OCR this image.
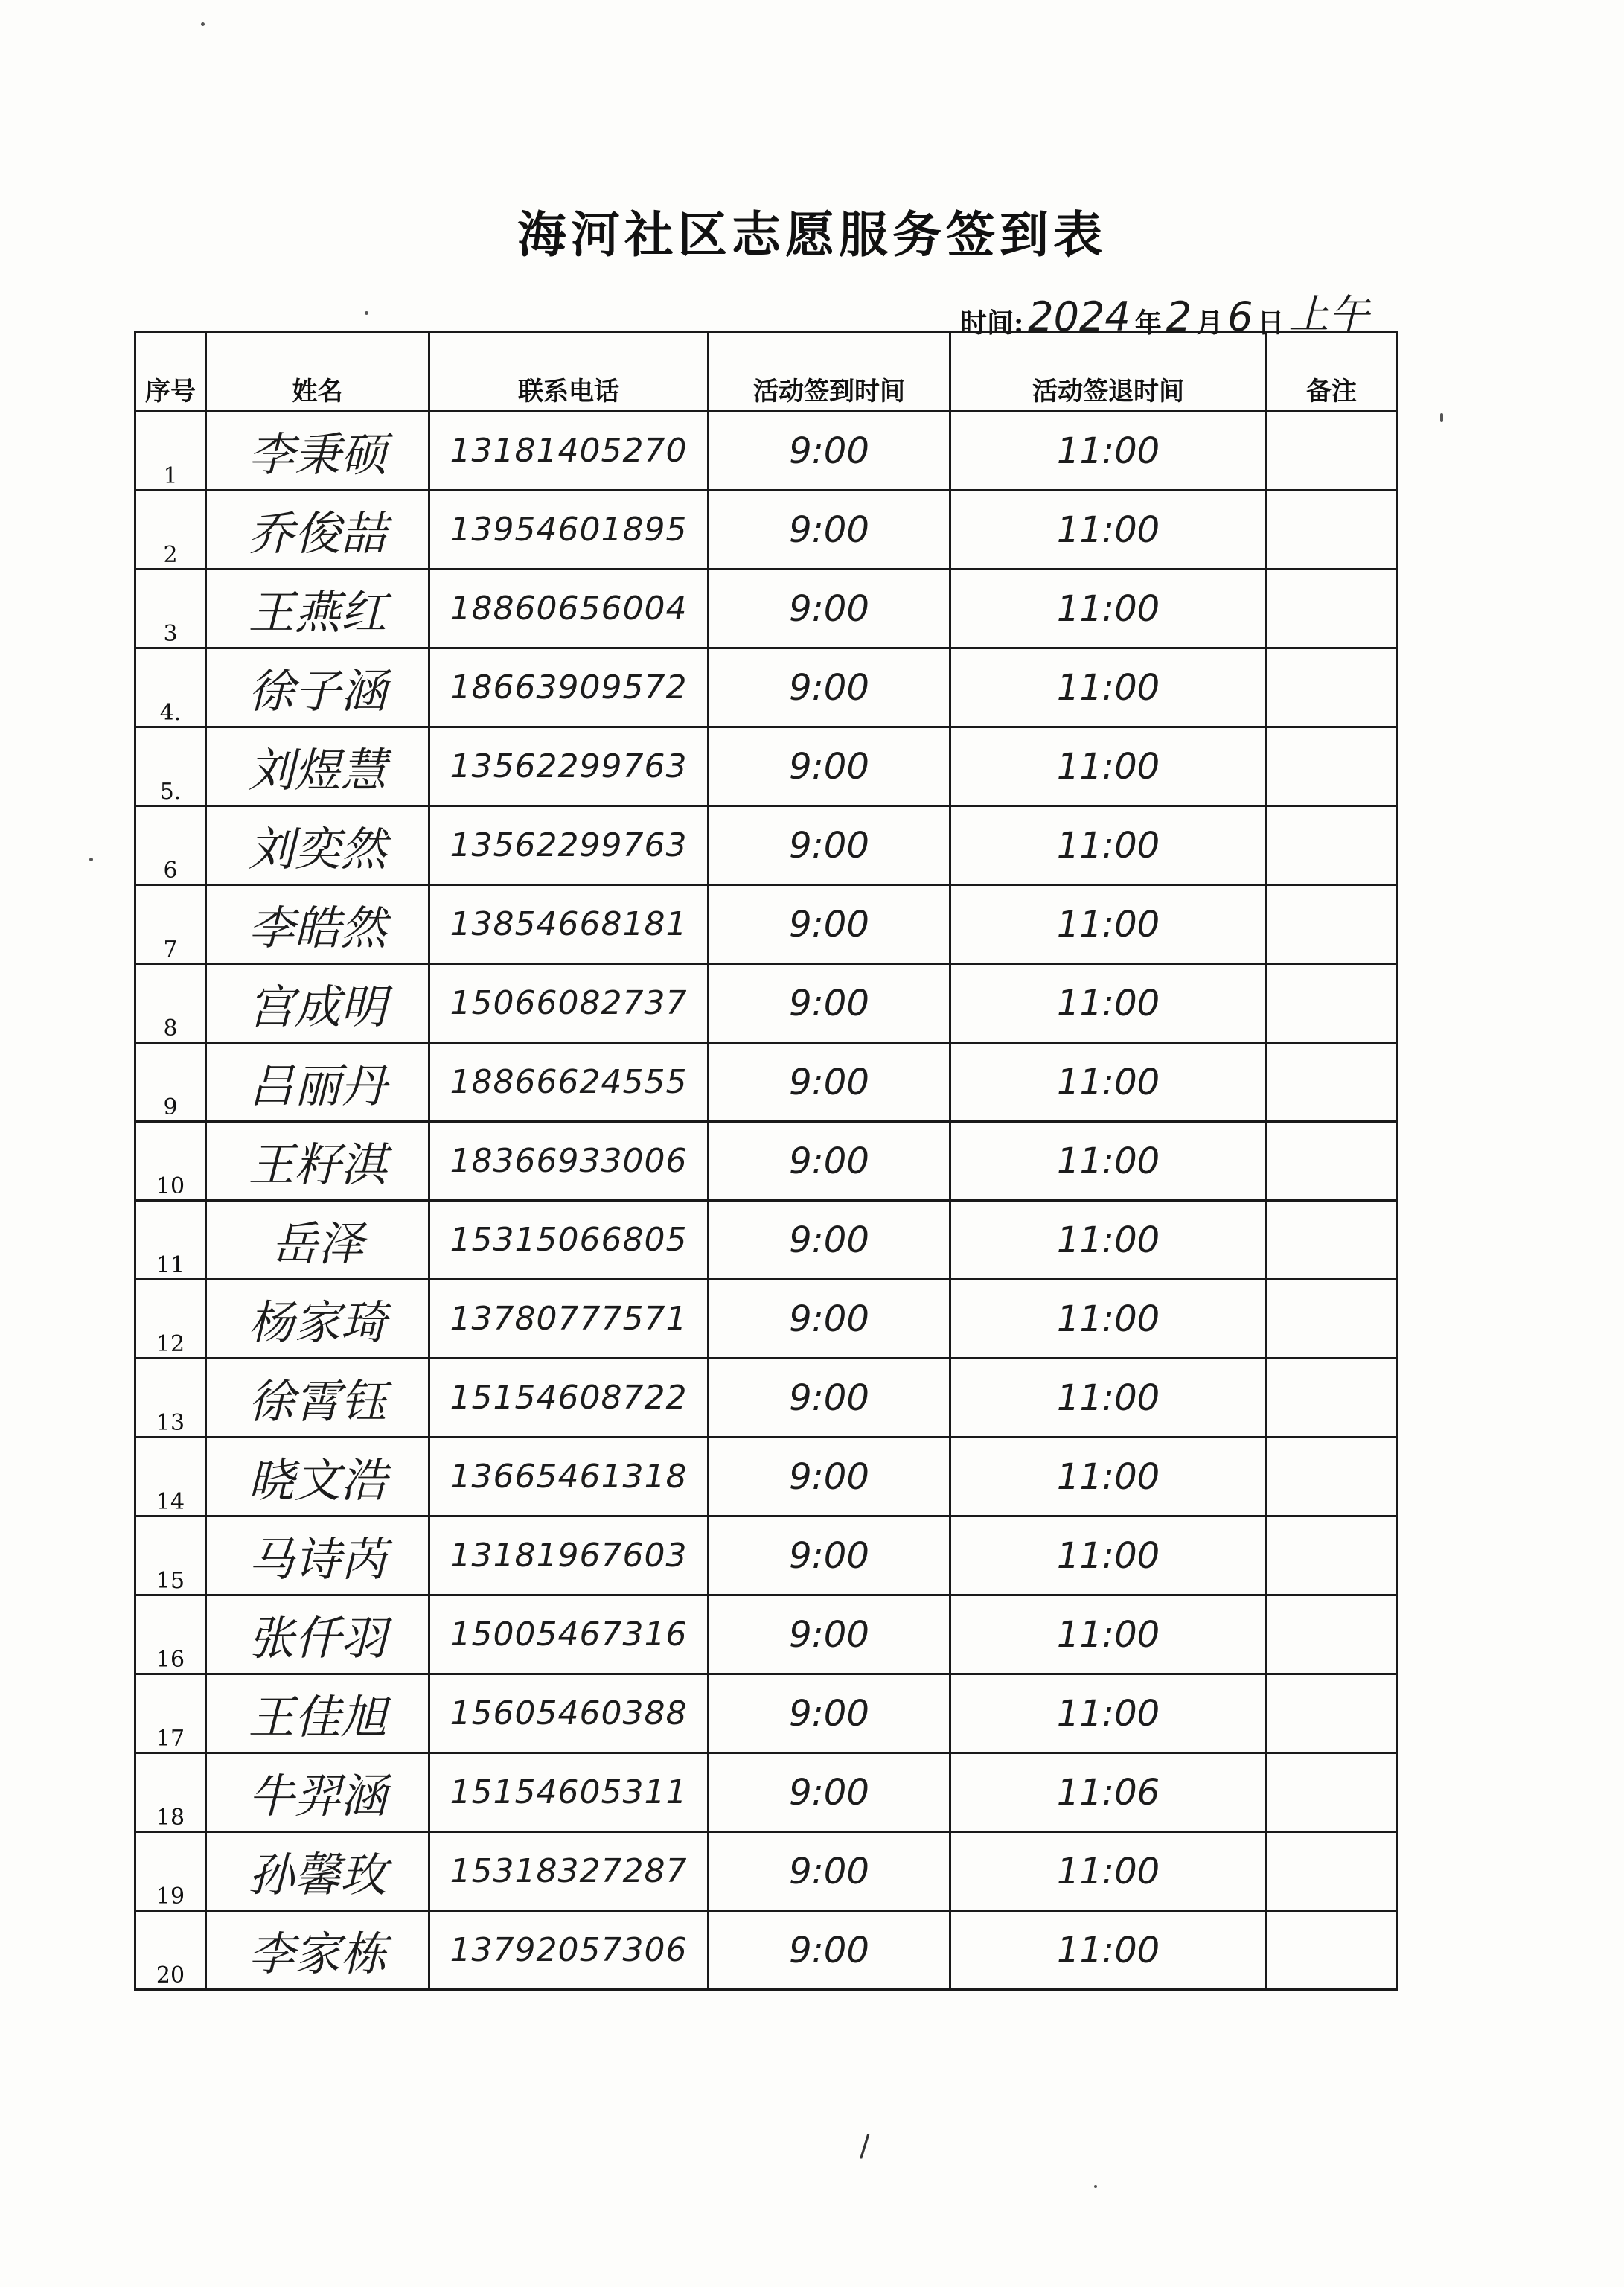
海河社区志愿服务签到表
时间: 2024 年 2 月 6 日 上午
序号	姓名	联系电话	活动签到时间	活动签退时间	备注
1	李秉硕	13181405270	9:00	11:00	
2	乔俊喆	13954601895	9:00	11:00	
3	王燕红	18860656004	9:00	11:00	
4.	徐子涵	18663909572	9:00	11:00	
5.	刘煜慧	13562299763	9:00	11:00	
6	刘奕然	13562299763	9:00	11:00	
7	李皓然	13854668181	9:00	11:00	
8	宫成明	15066082737	9:00	11:00	
9	吕丽丹	18866624555	9:00	11:00	
10	王籽淇	18366933006	9:00	11:00	
11	岳泽	15315066805	9:00	11:00	
12	杨家琦	13780777571	9:00	11:00	
13	徐霄钰	15154608722	9:00	11:00	
14	晓文浩	13665461318	9:00	11:00	
15	马诗芮	13181967603	9:00	11:00	
16	张仟羽	15005467316	9:00	11:00	
17	王佳旭	15605460388	9:00	11:00	
18	牛羿涵	15154605311	9:00	11:06	
19	孙馨玫	15318327287	9:00	11:00	
20	李家栋	13792057306	9:00	11:00	
/
